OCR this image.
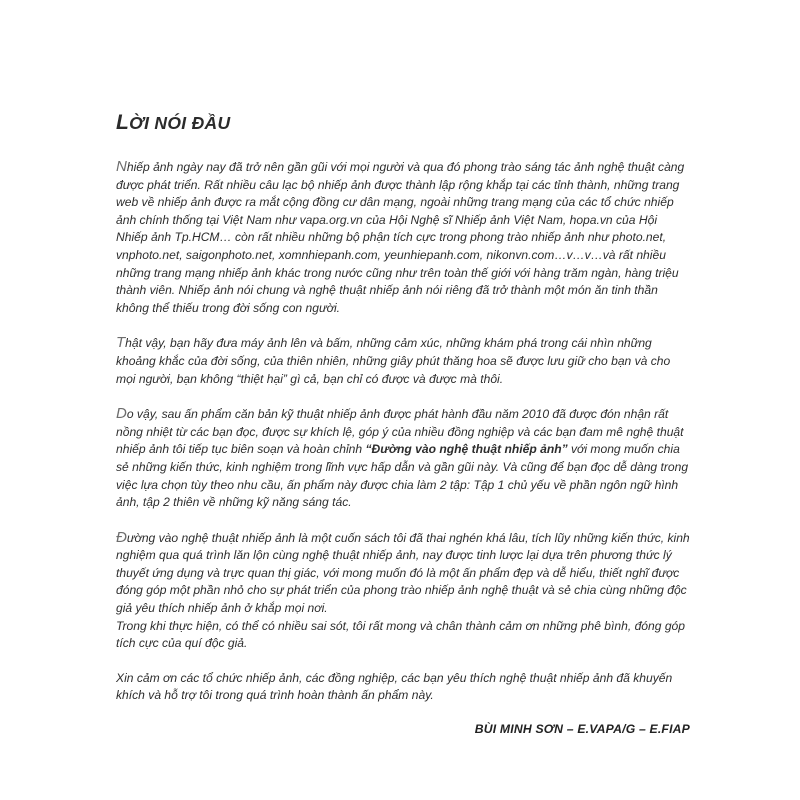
LỜI NÓI ĐẦU

Nhiếp ảnh ngày nay đã trở nên gần gũi với mọi người và qua đó phong trào sáng tác ảnh nghệ thuật càng được phát triển. Rất nhiều câu lạc bộ nhiếp ảnh được thành lập rộng khắp tại các tỉnh thành, những trang web về nhiếp ảnh được ra mắt cộng đồng cư dân mạng, ngoài những trang mạng của các tổ chức nhiếp ảnh chính thống tại Việt Nam như vapa.org.vn của Hội Nghệ sĩ Nhiếp ảnh Việt Nam, hopa.vn của Hội Nhiếp ảnh Tp.HCM… còn rất nhiều những bộ phận tích cực trong phong trào nhiếp ảnh như photo.net, vnphoto.net, saigonphoto.net, xomnhiepanh.com, yeunhiepanh.com, nikonvn.com…v…v…và rất nhiều những trang mạng nhiếp ảnh khác trong nước cũng như trên toàn thế giới với hàng trăm ngàn, hàng triệu thành viên. Nhiếp ảnh nói chung và nghệ thuật nhiếp ảnh nói riêng đã trở thành một món ăn tinh thần không thể thiếu trong đời sống con người.

Thật vậy, bạn hãy đưa máy ảnh lên và bấm, những cảm xúc, những khám phá trong cái nhìn những khoảng khắc của đời sống, của thiên nhiên, những giây phút thăng hoa sẽ được lưu giữ cho bạn và cho mọi người, bạn không “thiệt hại” gì cả, bạn chỉ có được và được mà thôi.

Do vậy, sau ấn phẩm căn bản kỹ thuật nhiếp ảnh được phát hành đầu năm 2010 đã được đón nhận rất nồng nhiệt từ các bạn đọc, được sự khích lệ, góp ý của nhiều đồng nghiệp và các bạn đam mê nghệ thuật nhiếp ảnh tôi tiếp tục biên soạn và hoàn chỉnh “Đường vào nghệ thuật nhiếp ảnh” với mong muốn chia sẻ những kiến thức, kinh nghiệm trong lĩnh vực hấp dẫn và gần gũi này. Và cũng để bạn đọc dễ dàng trong việc lựa chọn tùy theo nhu cầu, ấn phẩm này được chia làm 2 tập: Tập 1 chủ yếu về phần ngôn ngữ hình ảnh, tập 2 thiên về những kỹ năng sáng tác.

Đường vào nghệ thuật nhiếp ảnh là một cuốn sách tôi đã thai nghén khá lâu, tích lũy những kiến thức, kinh nghiệm qua quá trình lăn lộn cùng nghệ thuật nhiếp ảnh, nay được tinh lược lại dựa trên phương thức lý thuyết ứng dụng và trực quan thị giác, với mong muốn đó là một ấn phẩm đẹp và dễ hiểu, thiết nghĩ được đóng góp một phần nhỏ cho sự phát triển của phong trào nhiếp ảnh nghệ thuật và sẻ chia cùng những độc giả yêu thích nhiếp ảnh ở khắp mọi nơi.

Trong khi thực hiện, có thể có nhiều sai sót, tôi rất mong và chân thành cảm ơn những phê bình, đóng góp tích cực của quí độc giả.

Xin cảm ơn các tổ chức nhiếp ảnh, các đồng nghiệp, các bạn yêu thích nghệ thuật nhiếp ảnh đã khuyến khích và hỗ trợ tôi trong quá trình hoàn thành ấn phẩm này.

BÙI MINH SƠN – E.VAPA/G – E.FIAP
